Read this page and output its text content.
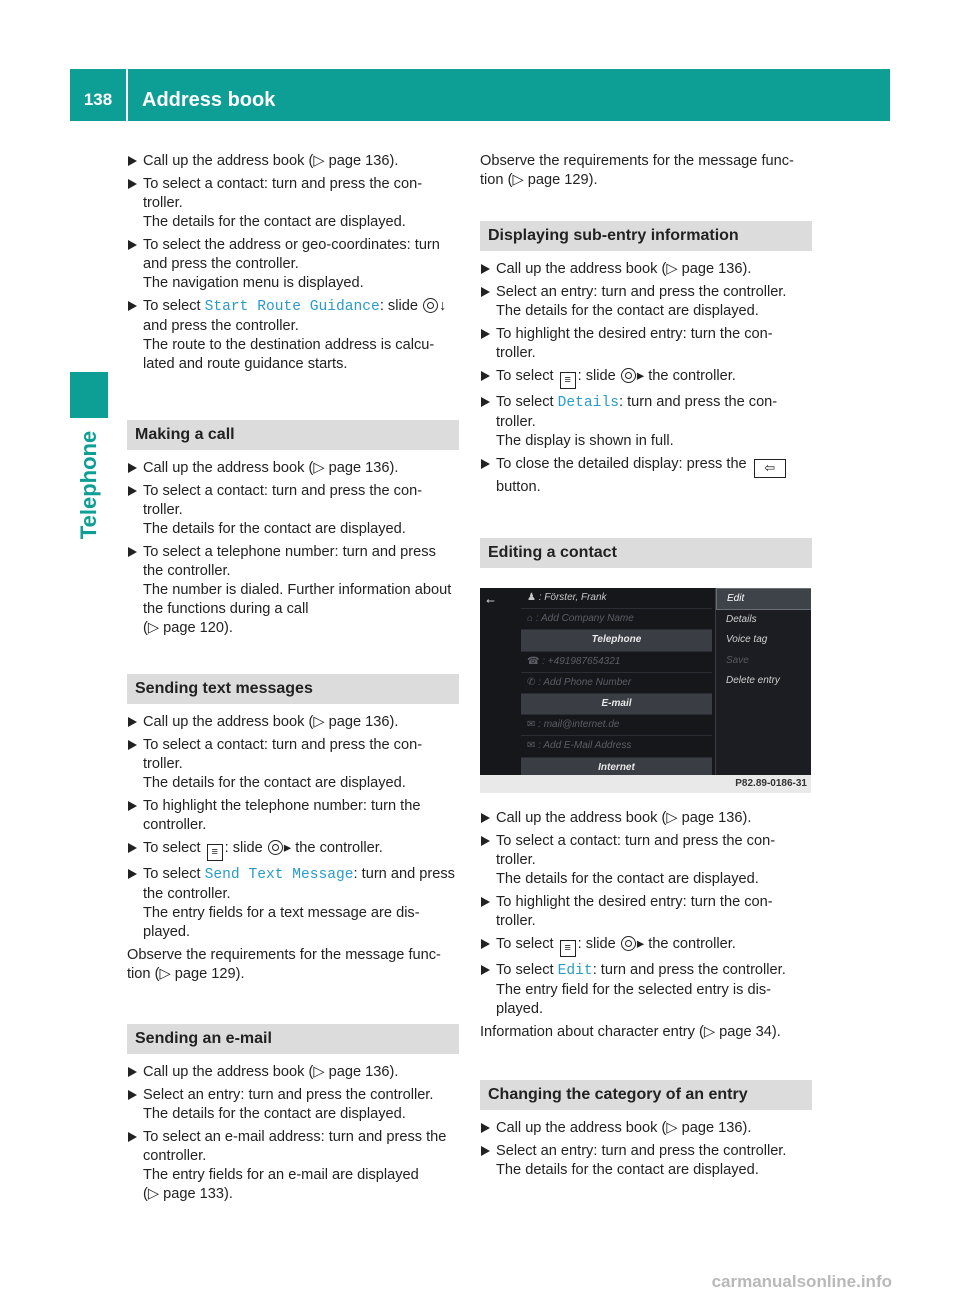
138	Address book
Telephone

Call up the address book (▷ page 136).

To select a contact: turn and press the con-troller.

The details for the contact are displayed.

To select the address or geo-coordinates: turn and press the controller.

The navigation menu is displayed.

To select Start Route Guidance: slide ↓

and press the controller.

The route to the destination address is calcu-lated and route guidance starts.

Making a call

Call up the address book (▷ page 136).

To select a contact: turn and press the con-troller.

The details for the contact are displayed.

To select a telephone number: turn and press the controller.

The number is dialed. Further information about the functions during a call

(▷ page 120).

Sending text messages

Call up the address book (▷ page 136).

To select a contact: turn and press the con-troller.

The details for the contact are displayed.

To highlight the telephone number: turn the controller.

To select ≡ : slide ▸ the controller.

To select Send Text Message: turn and press the controller.

The entry fields for a text message are dis-played.

Observe the requirements for the message func-tion (▷ page 129).

Sending an e-mail

Call up the address book (▷ page 136).

Select an entry: turn and press the controller.

The details for the contact are displayed.

To select an e-mail address: turn and press the controller.

The entry fields for an e-mail are displayed

(▷ page 133).

Observe the requirements for the message func-tion (▷ page 129).

Displaying sub-entry information

Call up the address book (▷ page 136).

Select an entry: turn and press the controller.

The details for the contact are displayed.

To highlight the desired entry: turn the con-troller.

To select ≡ : slide ▸ the controller.

To select Details: turn and press the con-troller.

The display is shown in full.

To close the detailed display: press the ⇦

button.

Editing a contact
⭠	♟ : Förster, Frank
⌂ : Add Company Name
Telephone
☎ : +491987654321
✆ : Add Phone Number
E-mail
✉ : mail@internet.de
✉ : Add E-Mail Address
Internet
Edit
Details
Voice tag
Save
Delete entry
P82.89-0186-31

Call up the address book (▷ page 136).

To select a contact: turn and press the con-troller.

The details for the contact are displayed.

To highlight the desired entry: turn the con-troller.

To select ≡ : slide ▸ the controller.

To select Edit: turn and press the controller.

The entry field for the selected entry is dis-played.

Information about character entry (▷ page 34).

Changing the category of an entry

Call up the address book (▷ page 136).

Select an entry: turn and press the controller.

The details for the contact are displayed.

carmanualsonline.info
